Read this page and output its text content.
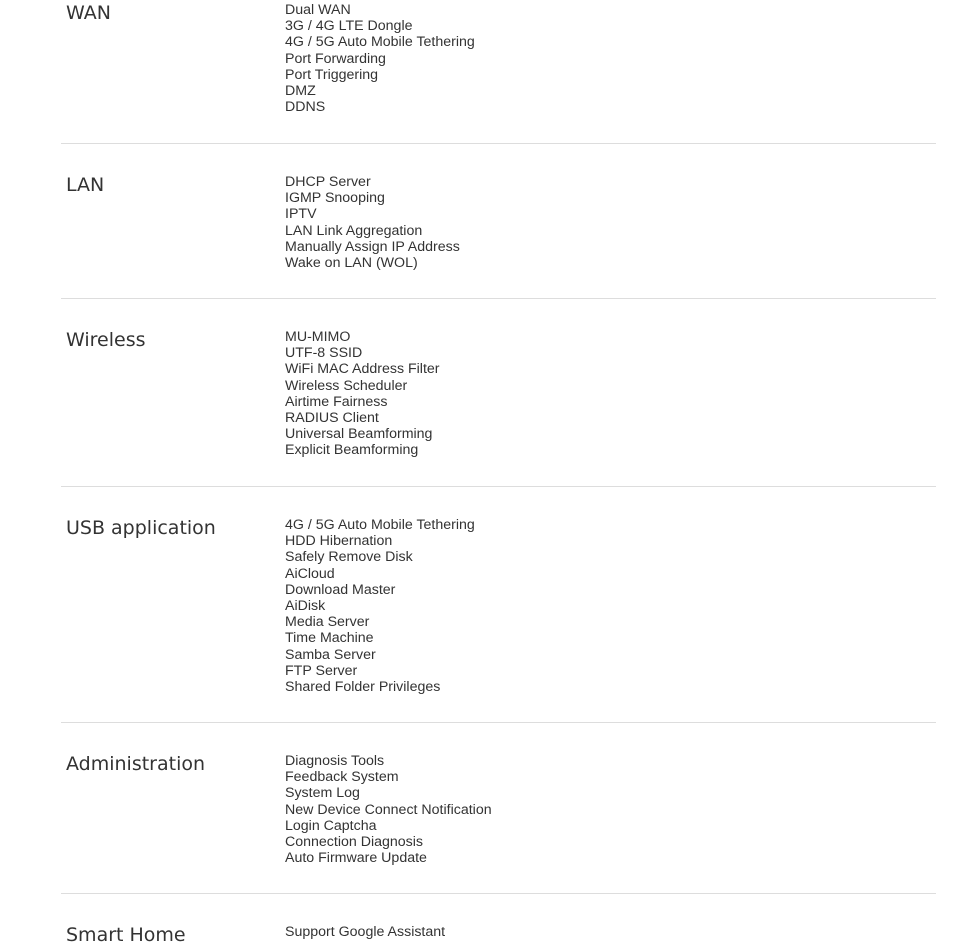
WAN	Dual WAN
3G / 4G LTE Dongle
4G / 5G Auto Mobile Tethering
Port Forwarding
Port Triggering
DMZ
DDNS
LAN	DHCP Server
IGMP Snooping
IPTV
LAN Link Aggregation
Manually Assign IP Address
Wake on LAN (WOL)
Wireless	MU-MIMO
UTF-8 SSID
WiFi MAC Address Filter
Wireless Scheduler
Airtime Fairness
RADIUS Client
Universal Beamforming
Explicit Beamforming
USB application	4G / 5G Auto Mobile Tethering
HDD Hibernation
Safely Remove Disk
AiCloud
Download Master
AiDisk
Media Server
Time Machine
Samba Server
FTP Server
Shared Folder Privileges
Administration	Diagnosis Tools
Feedback System
System Log
New Device Connect Notification
Login Captcha
Connection Diagnosis
Auto Firmware Update
Smart Home	Support Google Assistant
